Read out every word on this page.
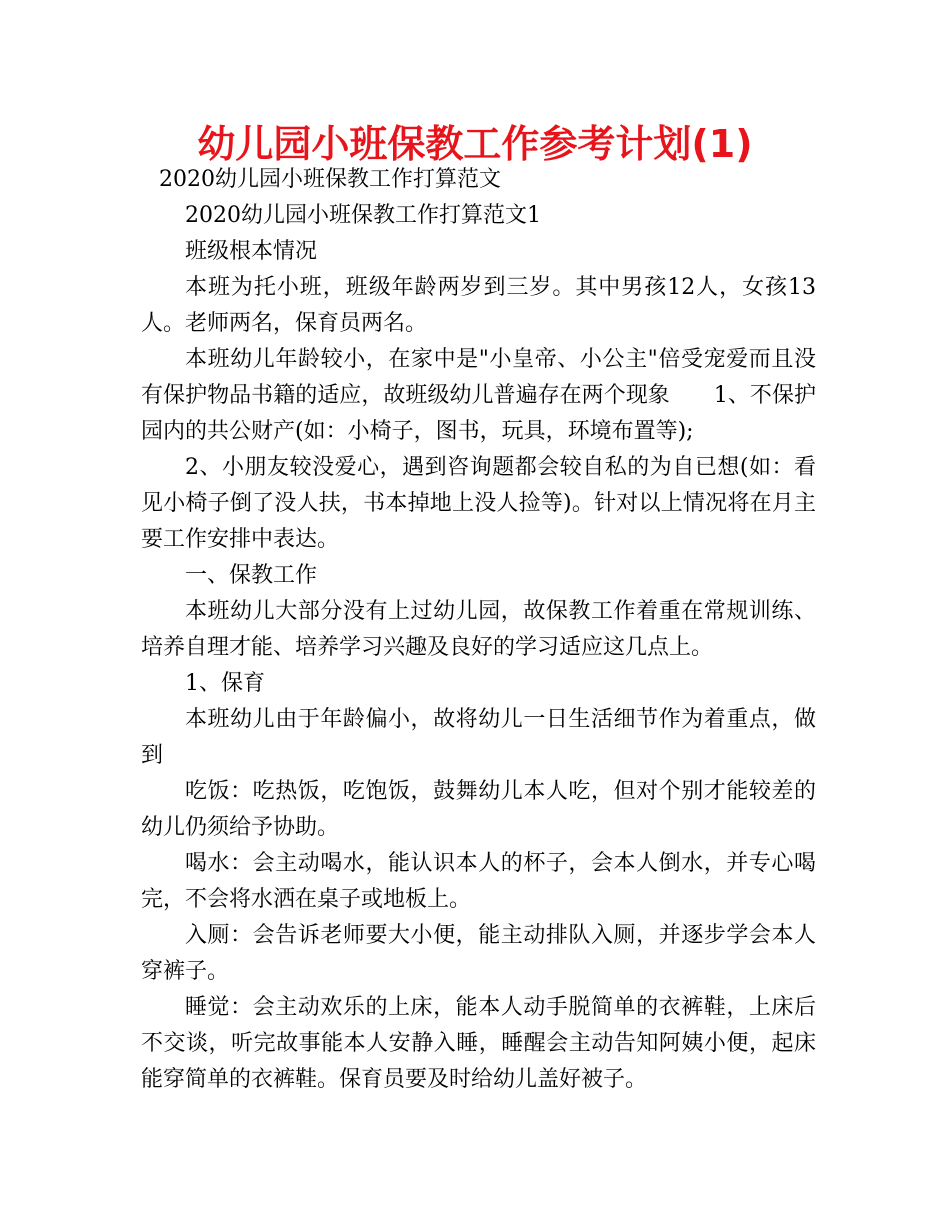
幼儿园小班保教工作参考计划(1)

2020幼儿园小班保教工作打算范文

2020幼儿园小班保教工作打算范文1

班级根本情况

本班为托小班，班级年龄两岁到三岁。其中男孩12人，女孩13人。老师两名，保育员两名。

本班幼儿年龄较小，在家中是"小皇帝、小公主"倍受宠爱而且没有保护物品书籍的适应，故班级幼儿普遍存在两个现象　　1、不保护园内的共公财产(如：小椅子，图书，玩具，环境布置等);

2、小朋友较没爱心，遇到咨询题都会较自私的为自已想(如：看见小椅子倒了没人扶，书本掉地上没人捡等)。针对以上情况将在月主要工作安排中表达。

一、保教工作

本班幼儿大部分没有上过幼儿园，故保教工作着重在常规训练、培养自理才能、培养学习兴趣及良好的学习适应这几点上。

1、保育

本班幼儿由于年龄偏小，故将幼儿一日生活细节作为着重点，做到

吃饭：吃热饭，吃饱饭，鼓舞幼儿本人吃，但对个别才能较差的幼儿仍须给予协助。

喝水：会主动喝水，能认识本人的杯子，会本人倒水，并专心喝完，不会将水洒在桌子或地板上。

入厕：会告诉老师要大小便，能主动排队入厕，并逐步学会本人穿裤子。

睡觉：会主动欢乐的上床，能本人动手脱简单的衣裤鞋，上床后不交谈，听完故事能本人安静入睡，睡醒会主动告知阿姨小便，起床能穿简单的衣裤鞋。保育员要及时给幼儿盖好被子。
